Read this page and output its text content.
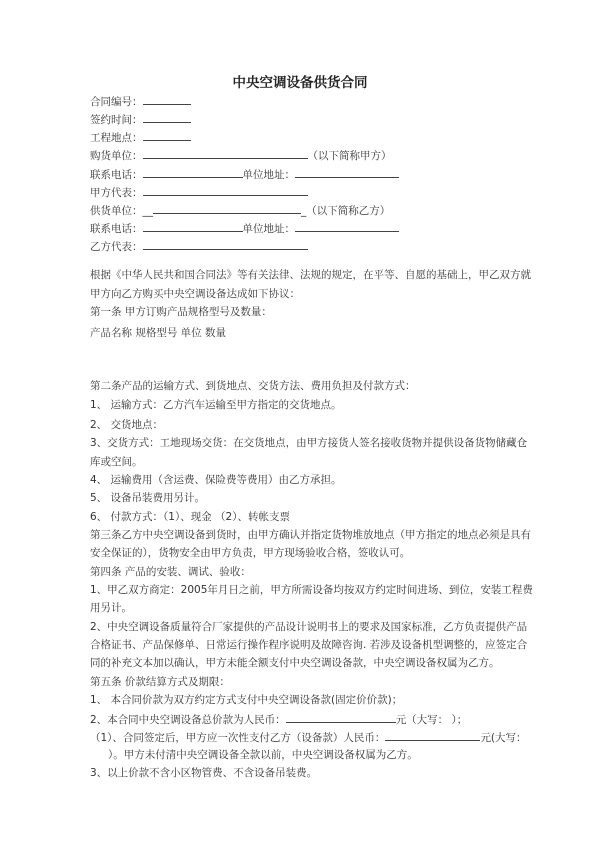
中央空调设备供货合同
合同编号：
签约时间：
工程地点：
购货单位：	（以下简称甲方）
联系电话：	单位地址：
甲方代表：
供货单位：__	_（以下简称乙方）
联系电话：	单位地址：
乙方代表：
根据《中华人民共和国合同法》等有关法律、法规的规定，在平等、自愿的基础上，甲乙双方就
甲方向乙方购买中央空调设备达成如下协议：
第一条 甲方订购产品规格型号及数量：
产品名称 规格型号 单位 数量
第二条产品的运输方式、到货地点、交货方法、费用负担及付款方式：
1、 运输方式：乙方汽车运输至甲方指定的交货地点。
2、 交货地点：
3、交货方式：工地现场交货：在交货地点，由甲方接货人签名接收货物并提供设备货物储藏仓
库或空间。
4、 运输费用（含运费、保险费等费用）由乙方承担。
5、 设备吊装费用另计。
6、 付款方式：（1）、现金 （2）、转帐支票
第三条乙方中央空调设备到货时，由甲方确认并指定货物堆放地点（甲方指定的地点必须是具有
安全保证的），货物安全由甲方负责，甲方现场验收合格，签收认可。
第四条 产品的安装、调试、验收：
1、甲乙双方商定：2005年月日之前，甲方所需设备均按双方约定时间进场、到位，安装工程费
用另计。
2、中央空调设备质量符合厂家提供的产品设计说明书上的要求及国家标准，乙方负责提供产品
合格证书、产品保修单、日常运行操作程序说明及故障咨询. 若涉及设备机型调整的，应签定合
同的补充文本加以确认，甲方未能全额支付中央空调设备款，中央空调设备权属为乙方。
第五条 价款结算方式及期限：
1、 本合同价款为双方约定方式支付中央空调设备款(固定价价款)；
2、本合同中央空调设备总价款为人民币：	元（大写： ）；
（1）、合同签定后，甲方应一次性支付乙方（设备款）人民币：	元(大写：
）。甲方未付清中央空调设备全款以前，中央空调设备权属为乙方。
3、以上价款不含小区物管费、不含设备吊装费。
